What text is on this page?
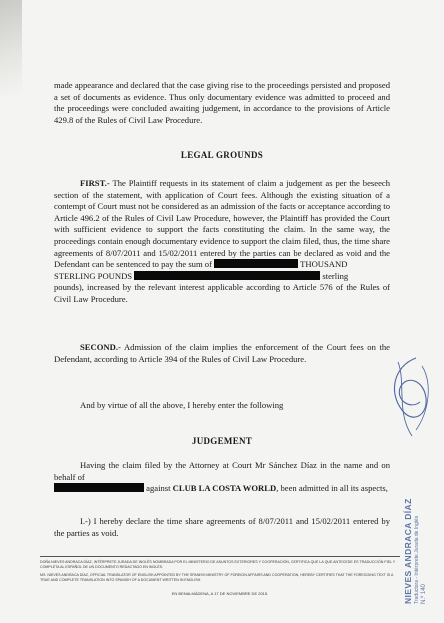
made appearance and declared that the case giving rise to the proceedings persisted and proposed a set of documents as evidence. Thus only documentary evidence was admitted to proceed and the proceedings were concluded awaiting judgement, in accordance to the provisions of Article 429.8 of the Rules of Civil Law Procedure.

LEGAL GROUNDS

FIRST.- The Plaintiff requests in its statement of claim a judgement as per the beseech section of the statement, with application of Court fees. Although the existing situation of a contempt of Court must not be considered as an admission of the facts or acceptance according to Article 496.2 of the Rules of Civil Law Procedure, however, the Plaintiff has provided the Court with sufficient evidence to support the facts constituting the claim. In the same way, the proceedings contain enough documentary evidence to support the claim filed, thus, the time share agreements of 8/07/2011 and 15/02/2011 entered by the parties can be declared as void and the Defendant can be sentenced to pay the sum of	THOUSAND
STERLING POUNDS	sterling
pounds), increased by the relevant interest applicable according to Article 576 of the Rules of Civil Law Procedure.

SECOND.- Admission of the claim implies the enforcement of the Court fees on the Defendant, according to Article 394 of the Rules of Civil Law Procedure.

And by virtue of all the above, I hereby enter the following

JUDGEMENT

Having the claim filed by the Attorney at Court Mr Sánchez Díaz in the name and on behalf of
against CLUB LA COSTA WORLD, been admitted in all its aspects,

I.-) I hereby declare the time share agreements of 8/07/2011 and 15/02/2011 entered by the parties as void.

DOÑA NIEVES ANDRACA DÍAZ, INTÉRPRETE JURADA DE INGLÉS NOMBRADA POR EL MINISTERIO DE ASUNTOS EXTERIORES Y COOPERACIÓN, CERTIFICA QUE LA QUE ANTECEDE ES TRADUCCIÓN FIEL Y COMPLETA AL ESPAÑOL DE UN DOCUMENTO REDACTADO EN INGLÉS.
MS. NIEVES ANDRACA DÍAZ, OFFICIAL TRANSLATOR OF ENGLISH APPOINTED BY THE SPANISH MINISTRY OF FOREIGN AFFAIRS AND COOPERATION, HEREBY CERTIFIES THAT THE FOREGOING TEXT IS A TRUE AND COMPLETE TRANSLATION INTO SPANISH OF A DOCUMENT WRITTEN IN ENGLISH.
EN BENALMÁDENA, A 17 DE NOVIEMBRE DE 2015.	NIEVES ANDRACA DÍAZ Traductora - Intérprete Jurada de Inglés N.º 140
